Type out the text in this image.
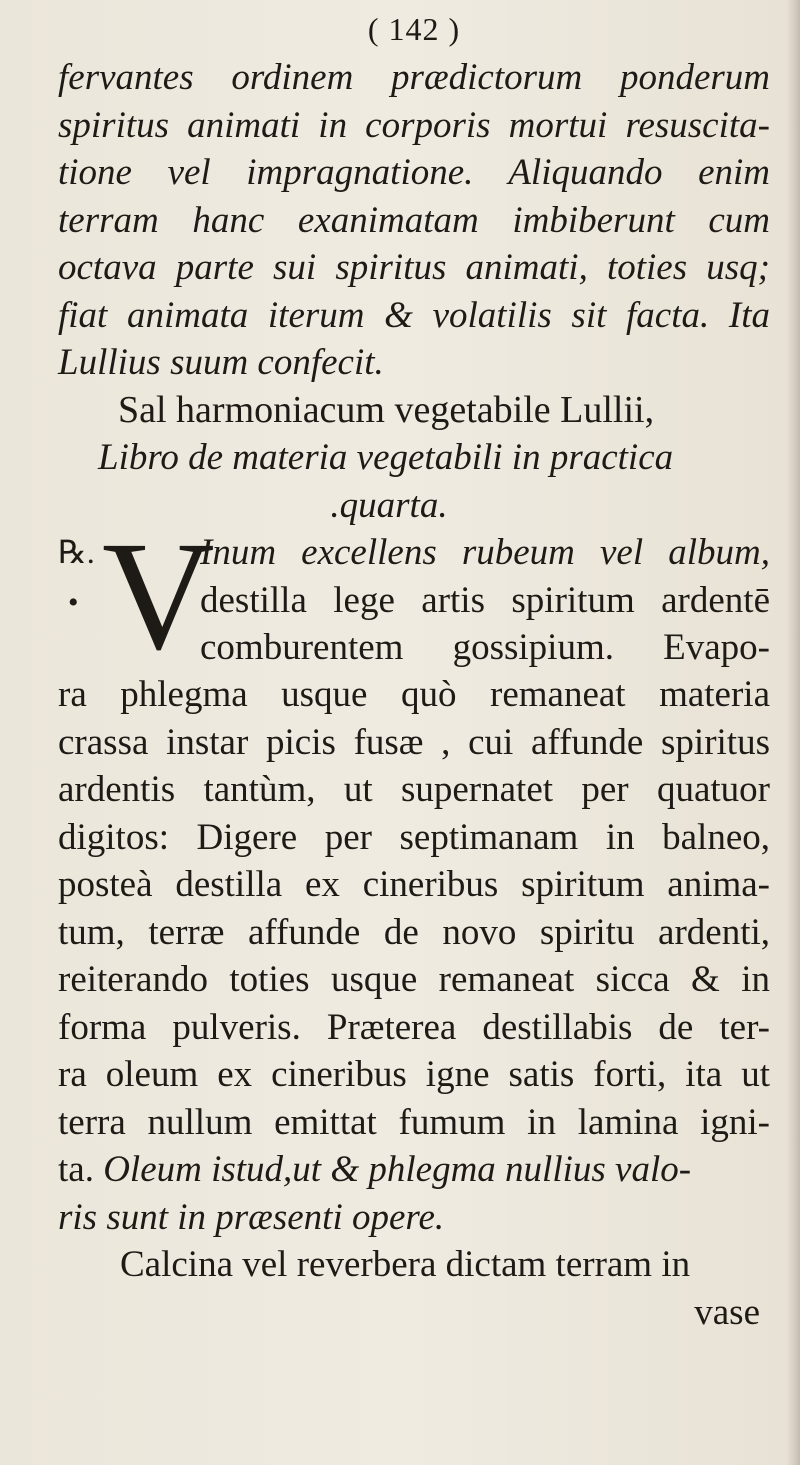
( 142 )
fervantes ordinem prædictorum ponderum
spiritus animati in corporis mortui resuscita-
tione vel impragnatione. Aliquando enim
terram hanc exanimatam imbiberunt cum
octava parte sui spiritus animati, toties usq;
fiat animata iterum & volatilis sit facta. Ita
Lullius suum confecit.
Sal harmoniacum vegetabile Lullii,
Libro de materia vegetabili in practica
.quarta.
℞.
• V
Inum excellens rubeum vel album,
destilla lege artis spiritum ardentē
comburentem gossipium. Evapo-
ra phlegma usque quò remaneat materia
crassa instar picis fusæ , cui affunde spiritus
ardentis tantùm, ut supernatet per quatuor
digitos: Digere per septimanam in balneo,
posteà destilla ex cineribus spiritum anima-
tum, terræ affunde de novo spiritu ardenti,
reiterando toties usque remaneat sicca & in
forma pulveris. Præterea destillabis de ter-
ra oleum ex cineribus igne satis forti, ita ut
terra nullum emittat fumum in lamina igni-
ta. Oleum istud,ut & phlegma nullius valo-
ris sunt in præsenti opere.
Calcina vel reverbera dictam terram in
vase
